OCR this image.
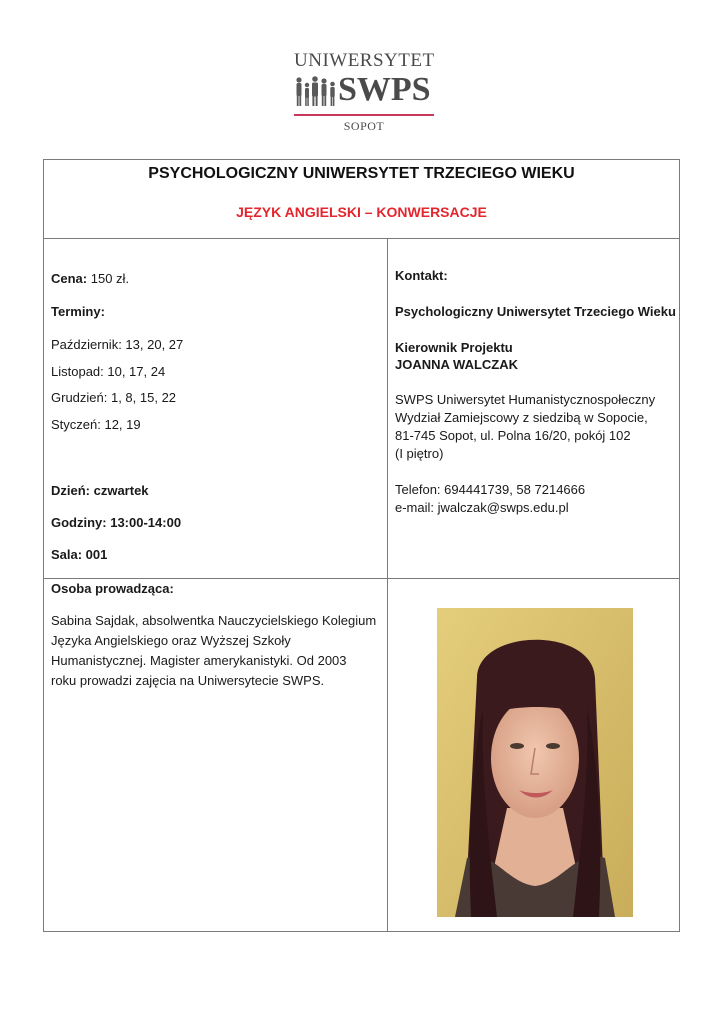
UNIWERSYTET
SWPS
SOPOT
PSYCHOLOGICZNY UNIWERSYTET TRZECIEGO WIEKU
JĘZYK ANGIELSKI – KONWERSACJE
Cena: 150 zł.
Terminy:
Październik: 13, 20, 27
Listopad: 10, 17, 24
Grudzień: 1, 8, 15, 22
Styczeń: 12, 19
Dzień: czwartek
Godziny: 13:00-14:00
Sala: 001
Kontakt:
Psychologiczny Uniwersytet Trzeciego Wieku
Kierownik Projektu
JOANNA WALCZAK
SWPS Uniwersytet Humanistycznospołeczny
Wydział Zamiejscowy z siedzibą w Sopocie,
81-745 Sopot, ul. Polna 16/20, pokój 102
(I piętro)
Telefon: 694441739, 58 7214666
e-mail: jwalczak@swps.edu.pl
Osoba prowadząca:
Sabina Sajdak, absolwentka Nauczycielskiego Kolegium
Języka Angielskiego oraz Wyższej Szkoły
Humanistycznej. Magister amerykanistyki. Od 2003
roku prowadzi zajęcia na Uniwersytecie SWPS.
